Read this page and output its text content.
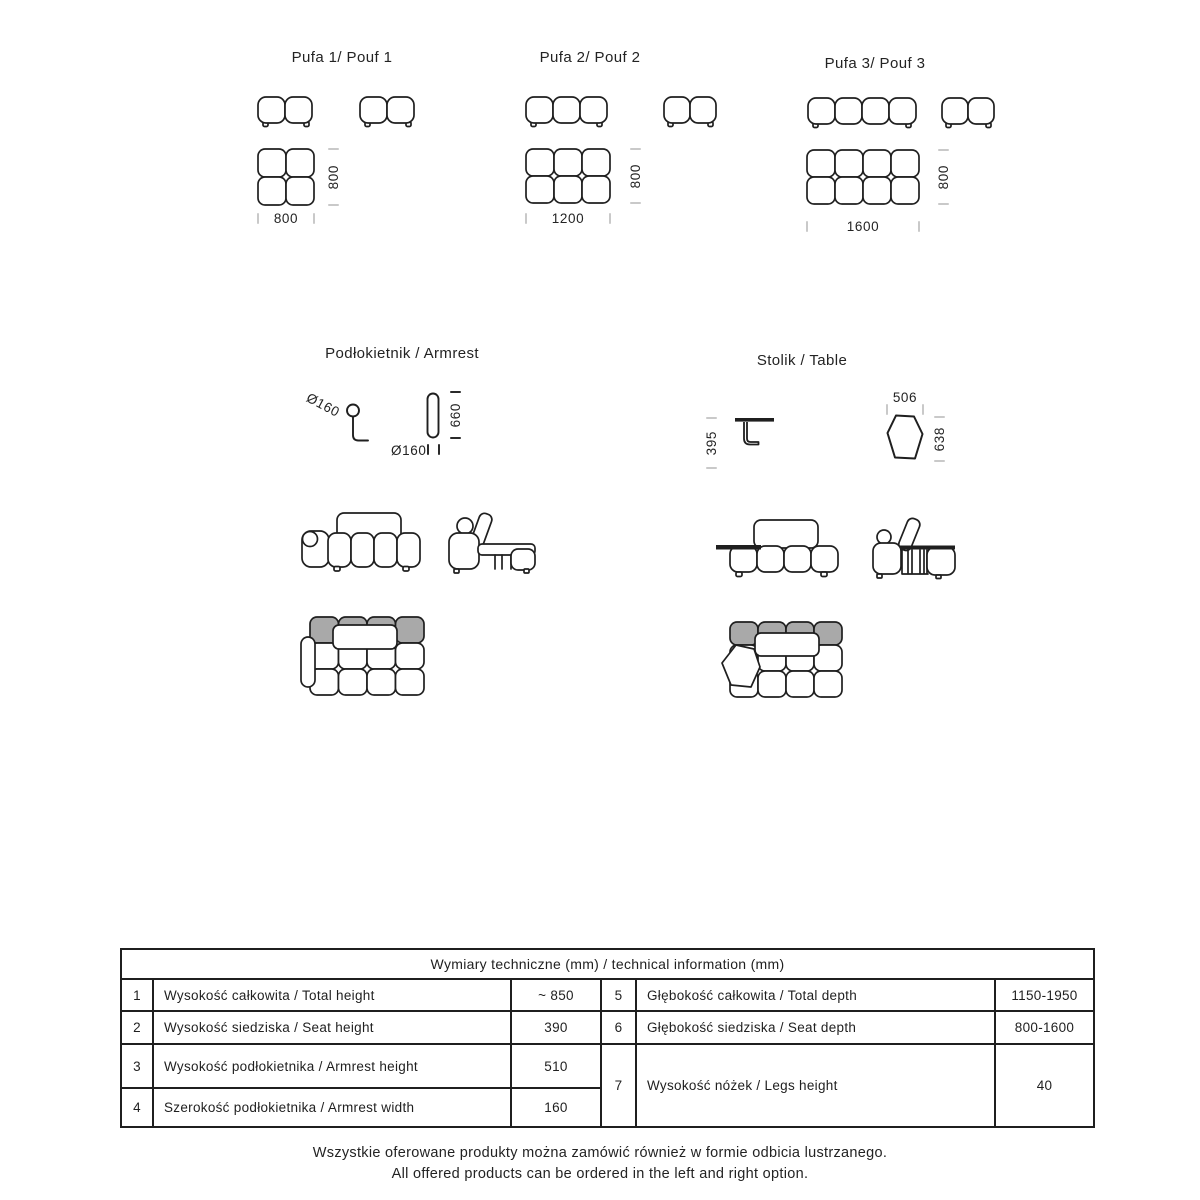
Pufa 1/ Pouf 1
800
800
Pufa 2/ Pouf 2
800
1200
Pufa 3/ Pouf 3
800
1600
Podłokietnik / Armrest
Ø160
Ø160
660
Stolik / Table
395
506
638
Wymiary techniczne (mm) / technical information (mm)
1	Wysokość całkowita / Total height	~ 850	5	Głębokość całkowita / Total depth	1150-1950
2	Wysokość siedziska / Seat height	390	6	Głębokość siedziska / Seat depth	800-1600
3	Wysokość podłokietnika / Armrest height	510
4	Szerokość podłokietnika / Armrest width	160
7	Wysokość nóżek / Legs height	40
Wszystkie oferowane produkty można zamówić również w formie odbicia lustrzanego.
All offered products can be ordered in the left and right option.
